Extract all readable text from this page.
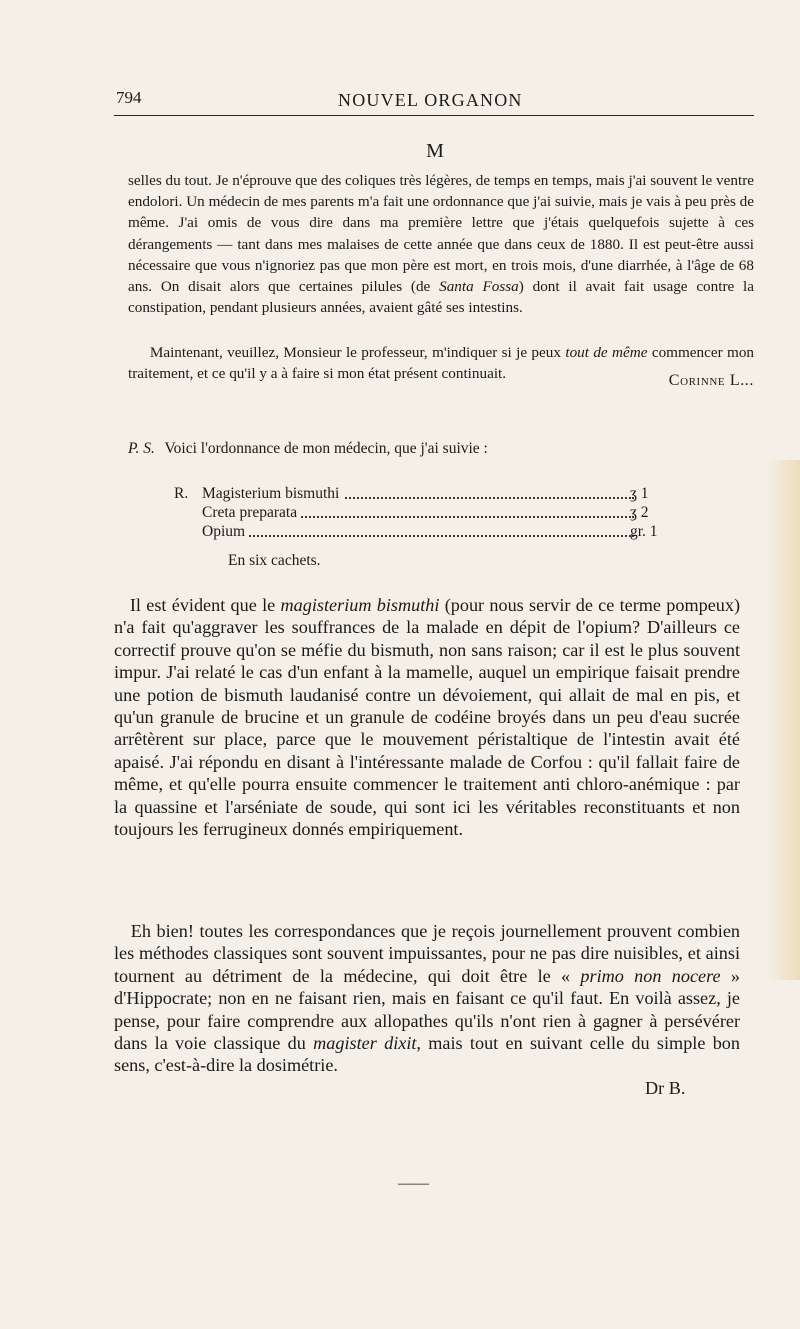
794	NOUVEL ORGANON
M

selles du tout. Je n'éprouve que des coliques très légères, de temps en temps, mais j'ai souvent le ventre endolori. Un médecin de mes parents m'a fait une ordonnance que j'ai suivie, mais je vais à peu près de même. J'ai omis de vous dire dans ma première lettre que j'étais quelquefois sujette à ces dérangements — tant dans mes malaises de cette année que dans ceux de 1880. Il est peut-être aussi nécessaire que vous n'ignoriez pas que mon père est mort, en trois mois, d'une diarrhée, à l'âge de 68 ans. On disait alors que certaines pilules (de Santa Fossa) dont il avait fait usage contre la constipation, pendant plusieurs années, avaient gâté ses intestins.

Maintenant, veuillez, Monsieur le professeur, m'indiquer si je peux tout de même commencer mon traitement, et ce qu'il y a à faire si mon état présent continuait.	Corinne L...
P. S. Voici l'ordonnance de mon médecin, que j'ai suivie :
R. Magisterium bismuthi	ʒ 1
Creta preparata	ʒ 2
Opium	gr. 1
En six cachets.

Il est évident que le magisterium bismuthi (pour nous servir de ce terme pompeux) n'a fait qu'aggraver les souffrances de la malade en dépit de l'opium? D'ailleurs ce correctif prouve qu'on se méfie du bismuth, non sans raison; car il est le plus souvent impur. J'ai relaté le cas d'un enfant à la mamelle, auquel un empirique faisait prendre une potion de bismuth laudanisé contre un dévoiement, qui allait de mal en pis, et qu'un granule de brucine et un granule de codéine broyés dans un peu d'eau sucrée arrêtèrent sur place, parce que le mouvement péristaltique de l'intestin avait été apaisé. J'ai répondu en disant à l'intéressante malade de Corfou : qu'il fallait faire de même, et qu'elle pourra ensuite commencer le traitement anti chloro-anémique : par la quassine et l'arséniate de soude, qui sont ici les véritables reconstituants et non toujours les ferrugineux donnés empiriquement.

Eh bien! toutes les correspondances que je reçois journellement prouvent combien les méthodes classiques sont souvent impuissantes, pour ne pas dire nuisibles, et ainsi tournent au détriment de la médecine, qui doit être le « primo non nocere » d'Hippocrate; non en ne faisant rien, mais en faisant ce qu'il faut. En voilà assez, je pense, pour faire comprendre aux allopathes qu'ils n'ont rien à gagner à persévérer dans la voie classique du magister dixit, mais tout en suivant celle du simple bon sens, c'est-à-dire la dosimétrie.
Dr B.

——
